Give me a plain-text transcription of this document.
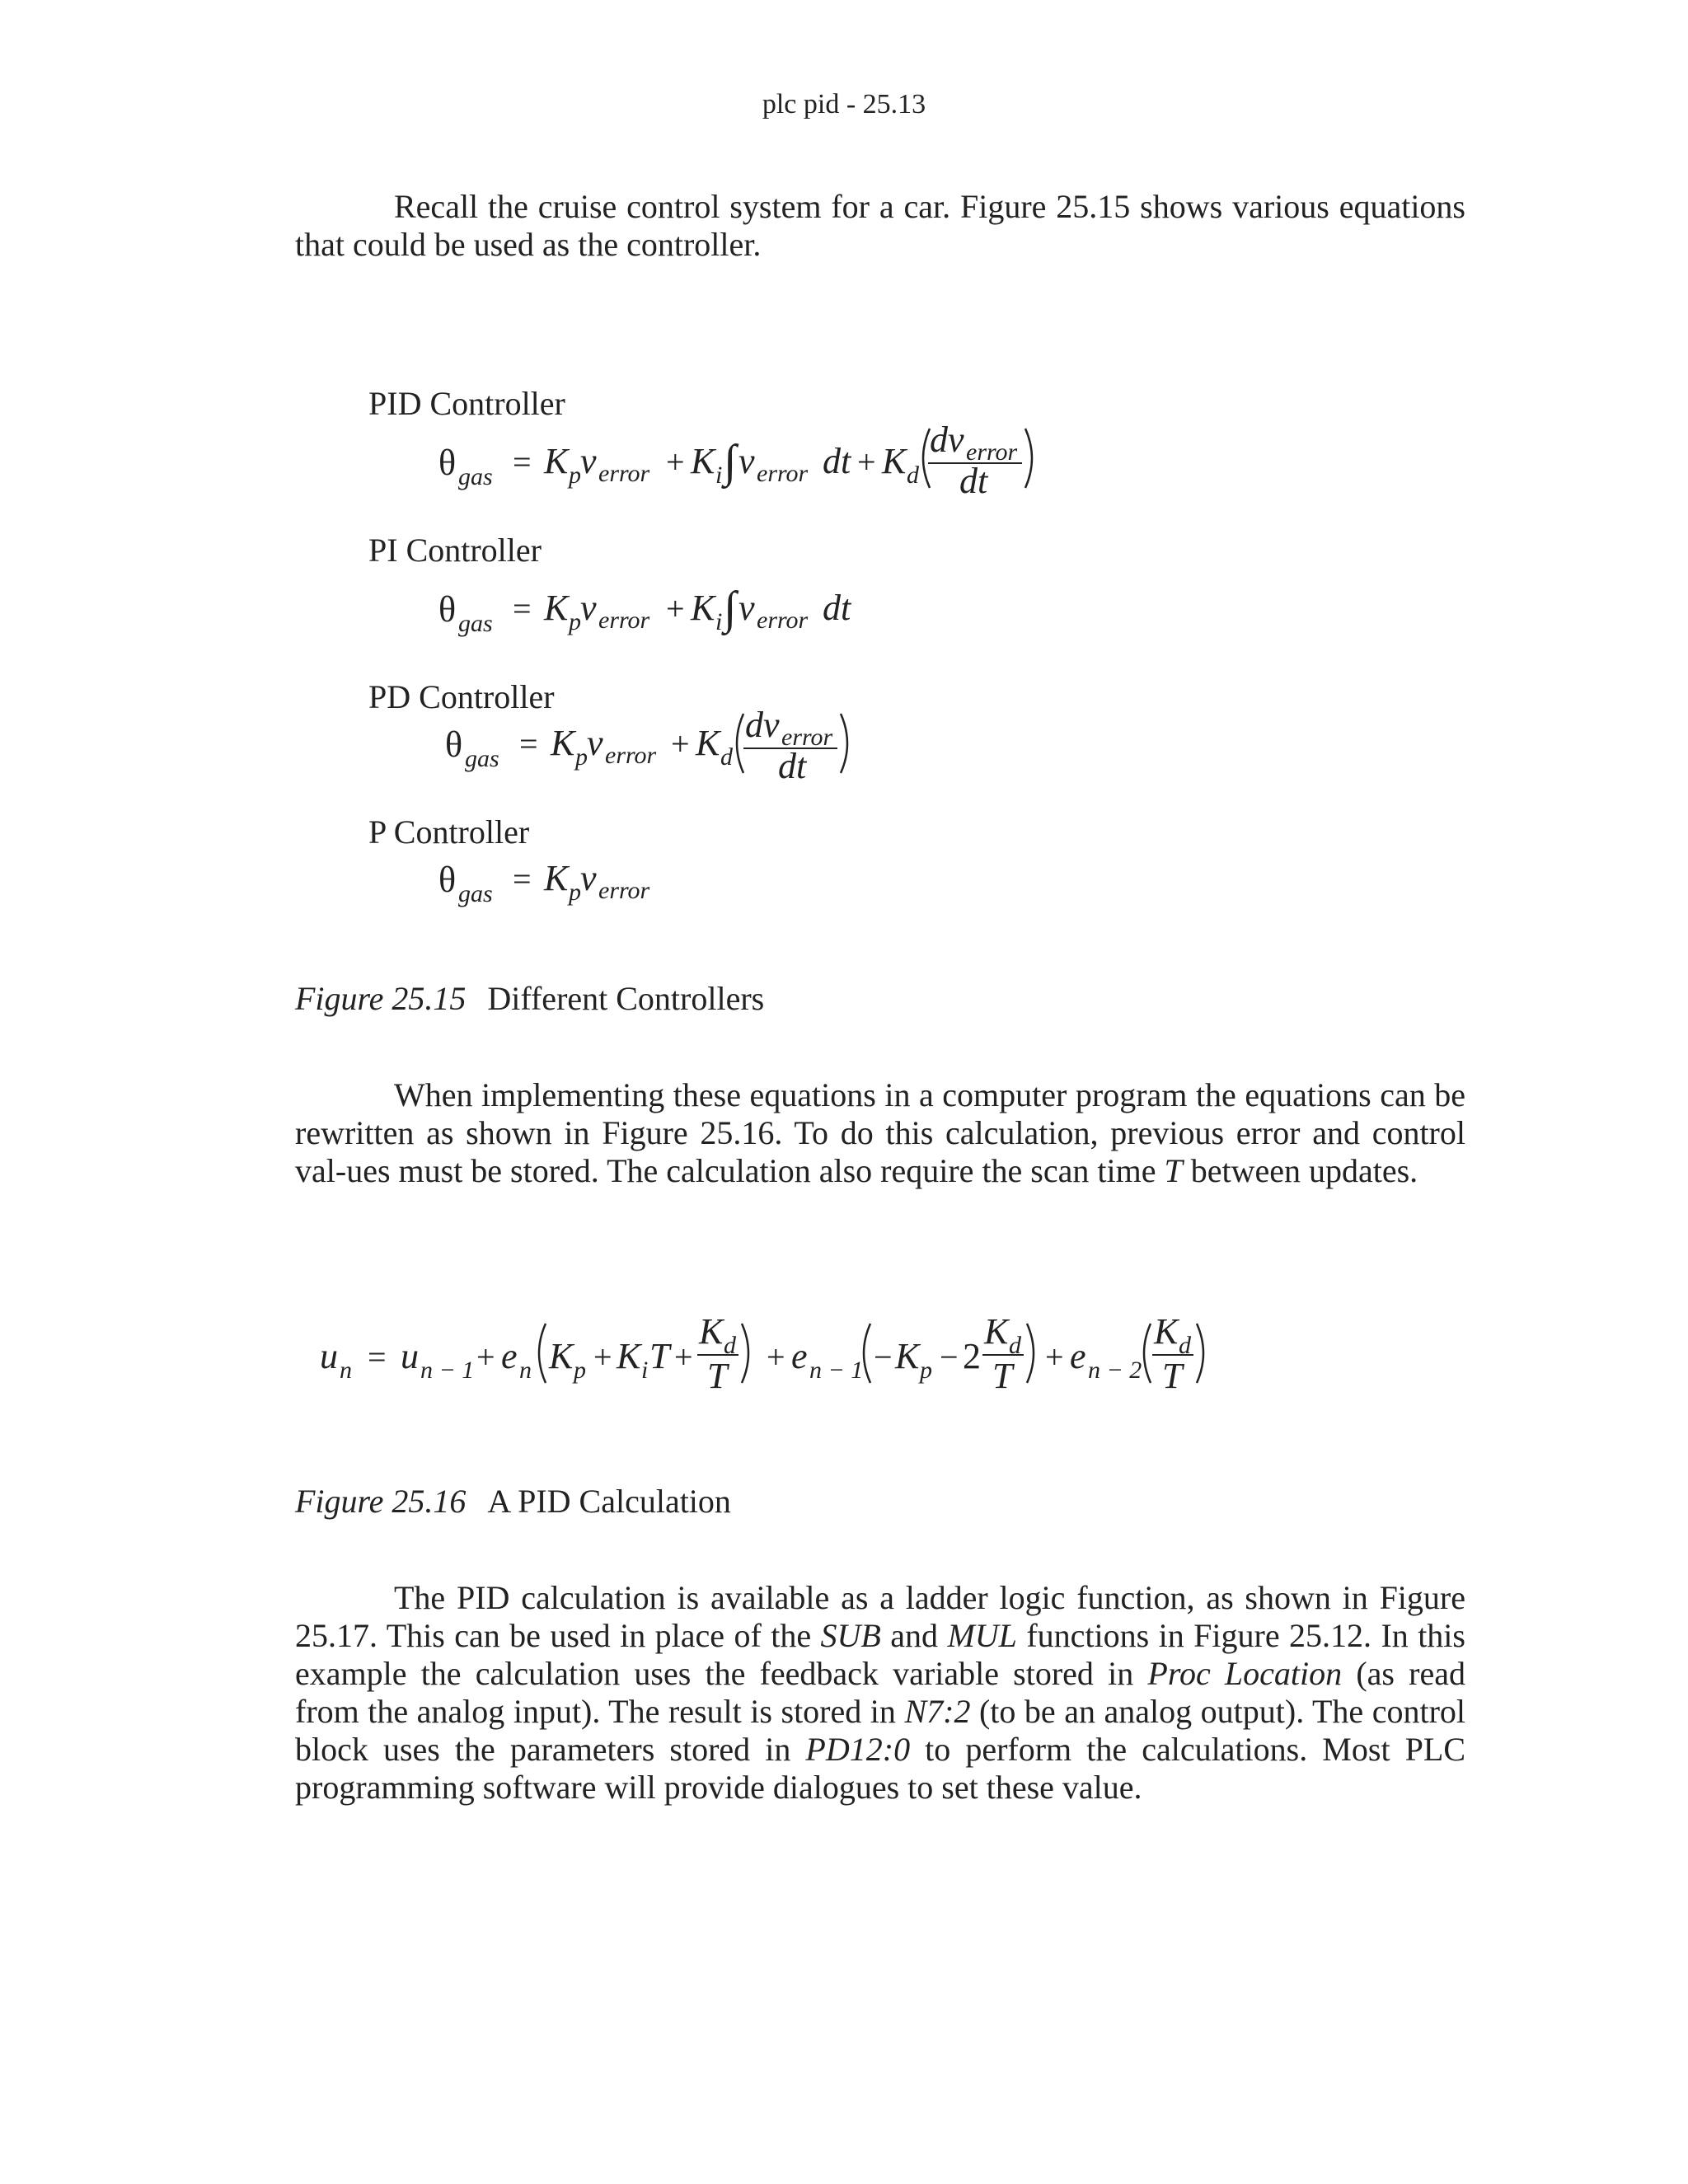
plc pid - 25.13
Recall the cruise control system for a car. Figure 25.15 shows various equations that could be used as the controller.
PID Controller
PI Controller
PD Controller
P Controller
θ gas = K p v error + K i ∫ v error dt + K d
d v error
dt
θ gas = K p v error + K i ∫ v error dt
θ gas = K p v error + K d
d v error
dt
θ gas = K p v error
u n = u n − 1 + e n K p + K i T +
K d
T + e n − 1 − K p − 2
K d
T + e n − 2
K d
T
Figure 25.15 Different Controllers
When implementing these equations in a computer program the equations can be rewritten as shown in Figure 25.16. To do this calculation, previous error and control val-ues must be stored. The calculation also require the scan time T between updates.
Figure 25.16 A PID Calculation
The PID calculation is available as a ladder logic function, as shown in Figure 25.17. This can be used in place of the SUB and MUL functions in Figure 25.12. In this example the calculation uses the feedback variable stored in Proc Location (as read from the analog input). The result is stored in N7:2 (to be an analog output). The control block uses the parameters stored in PD12:0 to perform the calculations. Most PLC programming software will provide dialogues to set these value.
